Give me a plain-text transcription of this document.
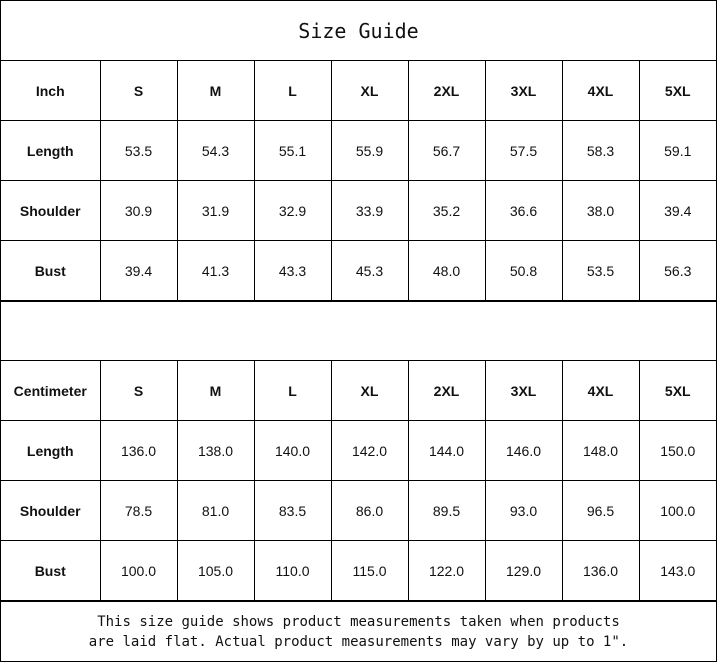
Size Guide
Inch	S	M	L	XL	2XL	3XL	4XL	5XL
Length	53.5	54.3	55.1	55.9	56.7	57.5	58.3	59.1
Shoulder	30.9	31.9	32.9	33.9	35.2	36.6	38.0	39.4
Bust	39.4	41.3	43.3	45.3	48.0	50.8	53.5	56.3
Centimeter	S	M	L	XL	2XL	3XL	4XL	5XL
Length	136.0	138.0	140.0	142.0	144.0	146.0	148.0	150.0
Shoulder	78.5	81.0	83.5	86.0	89.5	93.0	96.5	100.0
Bust	100.0	105.0	110.0	115.0	122.0	129.0	136.0	143.0
This size guide shows product measurements taken when products
are laid flat. Actual product measurements may vary by up to 1".
